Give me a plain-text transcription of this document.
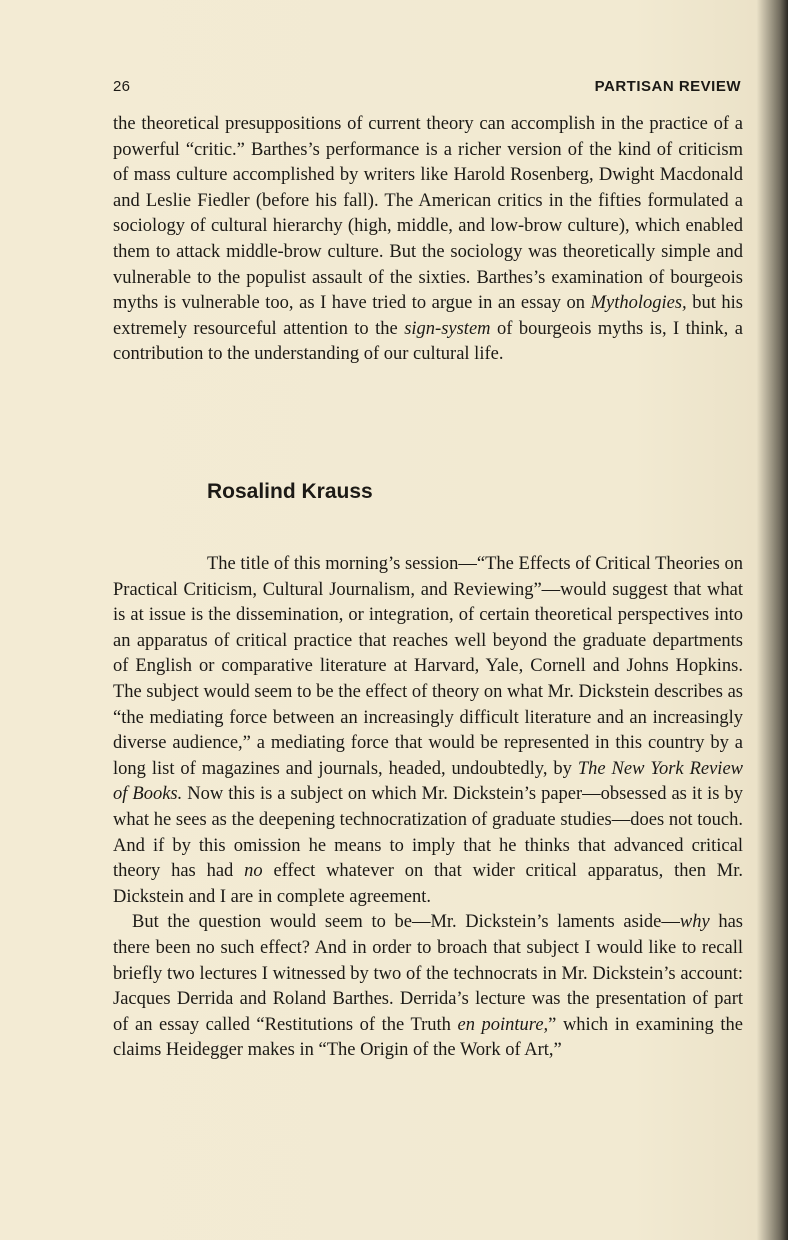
26	PARTISAN REVIEW

the theoretical presuppositions of current theory can accomplish in the practice of a powerful “critic.” Barthes’s performance is a richer version of the kind of criticism of mass culture accomplished by writers like Harold Rosenberg, Dwight Macdonald and Leslie Fiedler (before his fall). The American critics in the fifties formulated a sociology of cultural hierarchy (high, middle, and low-brow culture), which enabled them to attack middle-brow culture. But the sociology was theoretically simple and vulnerable to the populist assault of the sixties. Barthes’s examination of bourgeois myths is vulnerable too, as I have tried to argue in an essay on Mythologies, but his extremely resourceful attention to the sign-system of bourgeois myths is, I think, a contribution to the understanding of our cultural life.

Rosalind Krauss

The title of this morning’s session—“The Effects of Critical Theories on Practical Criticism, Cultural Journalism, and Reviewing”—would suggest that what is at issue is the dissemination, or integration, of certain theoretical perspectives into an apparatus of critical practice that reaches well beyond the graduate departments of English or comparative literature at Harvard, Yale, Cornell and Johns Hopkins. The subject would seem to be the effect of theory on what Mr. Dickstein describes as “the mediating force between an increasingly difficult literature and an increasingly diverse audience,” a mediating force that would be represented in this country by a long list of magazines and journals, headed, undoubtedly, by The New York Review of Books. Now this is a subject on which Mr. Dickstein’s paper—obsessed as it is by what he sees as the deepening technocratization of graduate studies—does not touch. And if by this omission he means to imply that he thinks that advanced critical theory has had no effect whatever on that wider critical apparatus, then Mr. Dickstein and I are in complete agreement.

But the question would seem to be—Mr. Dickstein’s laments aside—why has there been no such effect? And in order to broach that subject I would like to recall briefly two lectures I witnessed by two of the technocrats in Mr. Dickstein’s account: Jacques Derrida and Roland Barthes. Derrida’s lecture was the presentation of part of an essay called “Restitutions of the Truth en pointure,” which in examining the claims Heidegger makes in “The Origin of the Work of Art,”
